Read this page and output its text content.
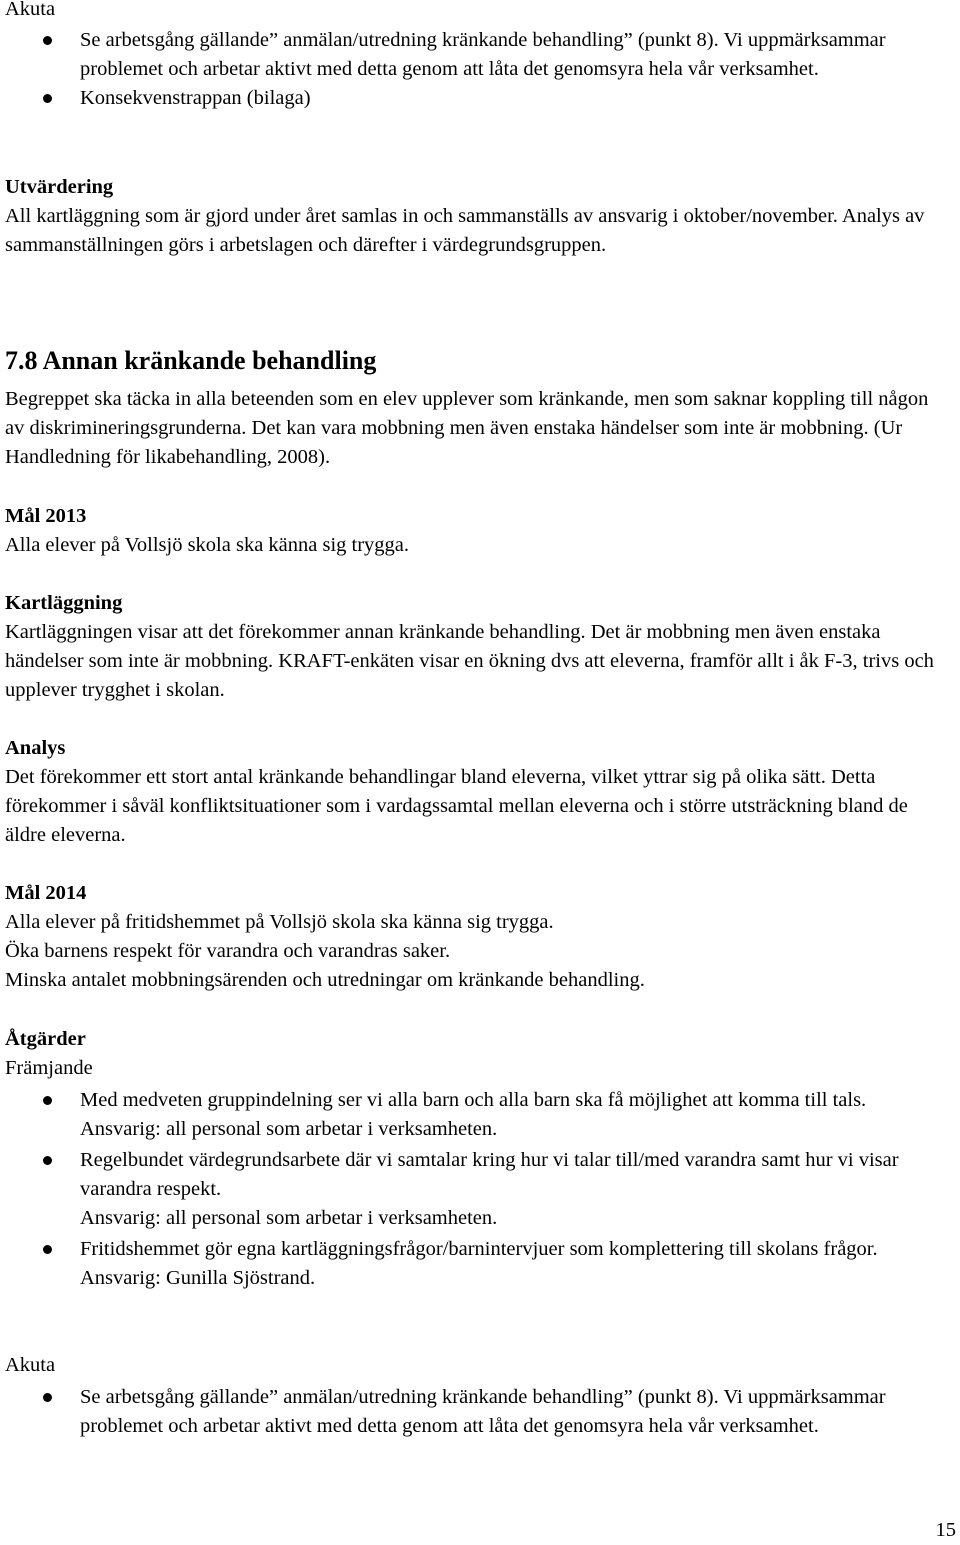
Akuta

Se arbetsgång gällande” anmälan/utredning kränkande behandling” (punkt 8). Vi uppmärksammar problemet och arbetar aktivt med detta genom att låta det genomsyra hela vår verksamhet.
Konsekvenstrappan (bilaga)

Utvärdering

All kartläggning som är gjord under året samlas in och sammanställs av ansvarig i oktober/november. Analys av sammanställningen görs i arbetslagen och därefter i värdegrundsgruppen.

7.8 Annan kränkande behandling

Begreppet ska täcka in alla beteenden som en elev upplever som kränkande, men som saknar koppling till någon av diskrimineringsgrunderna. Det kan vara mobbning men även enstaka händelser som inte är mobbning. (Ur Handledning för likabehandling, 2008).

Mål 2013

Alla elever på Vollsjö skola ska känna sig trygga.

Kartläggning

Kartläggningen visar att det förekommer annan kränkande behandling. Det är mobbning men även enstaka händelser som inte är mobbning. KRAFT-enkäten visar en ökning dvs att eleverna, framför allt i åk F-3, trivs och upplever trygghet i skolan.

Analys

Det förekommer ett stort antal kränkande behandlingar bland eleverna, vilket yttrar sig på olika sätt. Detta förekommer i såväl konfliktsituationer som i vardagssamtal mellan eleverna och i större utsträckning bland de äldre eleverna.

Mål 2014

Alla elever på fritidshemmet på Vollsjö skola ska känna sig trygga.

Öka barnens respekt för varandra och varandras saker.

Minska antalet mobbningsärenden och utredningar om kränkande behandling.

Åtgärder

Främjande

Med medveten gruppindelning ser vi alla barn och alla barn ska få möjlighet att komma till tals.
Ansvarig: all personal som arbetar i verksamheten.
Regelbundet värdegrundsarbete där vi samtalar kring hur vi talar till/med varandra samt hur vi visar varandra respekt.
Ansvarig: all personal som arbetar i verksamheten.
Fritidshemmet gör egna kartläggningsfrågor/barnintervjuer som komplettering till skolans frågor. Ansvarig: Gunilla Sjöstrand.

Akuta

Se arbetsgång gällande” anmälan/utredning kränkande behandling” (punkt 8). Vi uppmärksammar problemet och arbetar aktivt med detta genom att låta det genomsyra hela vår verksamhet.
15
